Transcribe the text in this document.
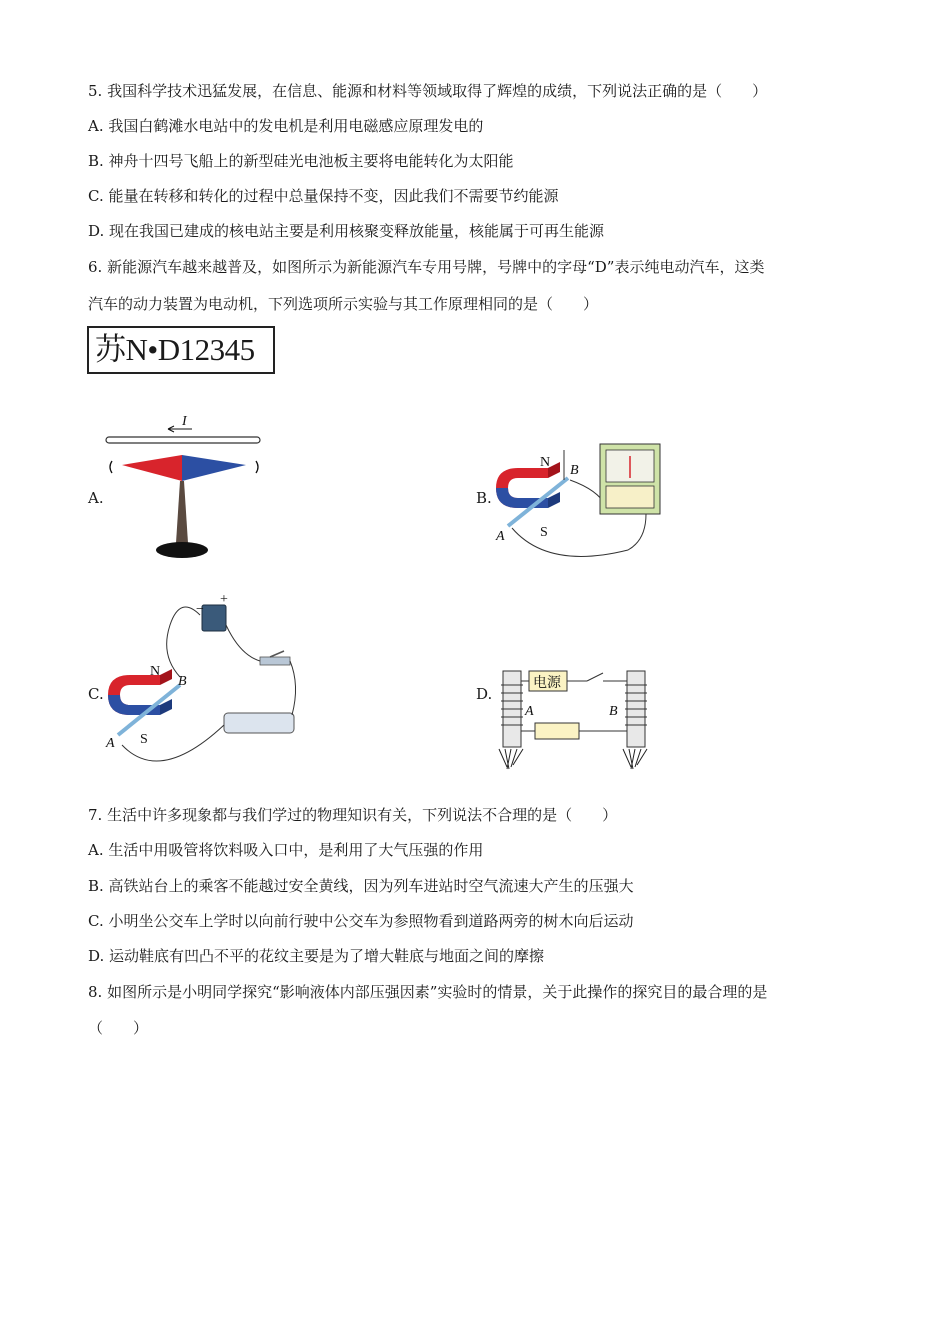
5. 我国科学技术迅猛发展，在信息、能源和材料等领域取得了辉煌的成绩，下列说法正确的是（　　）
A. 我国白鹤滩水电站中的发电机是利用电磁感应原理发电的
B. 神舟十四号飞船上的新型硅光电池板主要将电能转化为太阳能
C. 能量在转移和转化的过程中总量保持不变，因此我们不需要节约能源
D. 现在我国已建成的核电站主要是利用核聚变释放能量，核能属于可再生能源
6. 新能源汽车越来越普及，如图所示为新能源汽车专用号牌，号牌中的字母“D”表示纯电动汽车，这类
汽车的动力装置为电动机，下列选项所示实验与其工作原理相同的是（　　）
苏N•D12345
A.
I
B.
N
S
A
B
C.
+
−
N
S
A
B
D.
电源
A	B
7. 生活中许多现象都与我们学过的物理知识有关，下列说法不合理的是（　　）
A. 生活中用吸管将饮料吸入口中，是利用了大气压强的作用
B. 高铁站台上的乘客不能越过安全黄线，因为列车进站时空气流速大产生的压强大
C. 小明坐公交车上学时以向前行驶中公交车为参照物看到道路两旁的树木向后运动
D. 运动鞋底有凹凸不平的花纹主要是为了增大鞋底与地面之间的摩擦
8. 如图所示是小明同学探究“影响液体内部压强因素”实验时的情景，关于此操作的探究目的最合理的是
（　　）
